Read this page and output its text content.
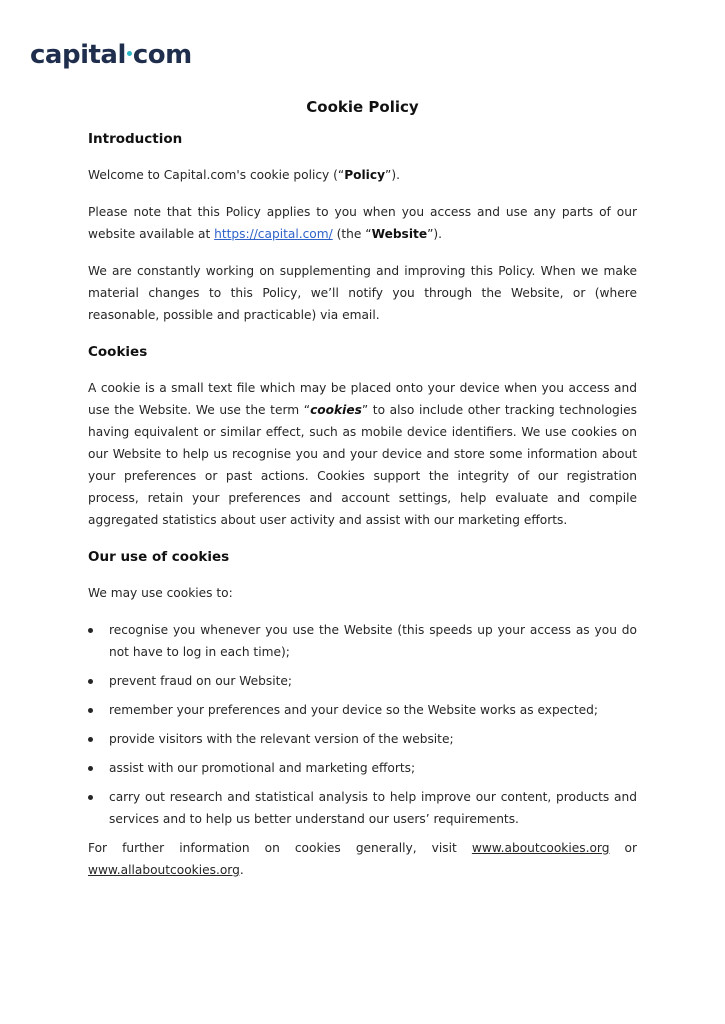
capital com
Cookie Policy
Introduction

Welcome to Capital.com's cookie policy (“Policy”).

Please note that this Policy applies to you when you access and use any parts of our website available at https://capital.com/ (the “Website”).

We are constantly working on supplementing and improving this Policy. When we make material changes to this Policy, we’ll notify you through the Website, or (where reasonable, possible and practicable) via email.

Cookies

A cookie is a small text file which may be placed onto your device when you access and use the Website. We use the term “cookies” to also include other tracking technologies having equivalent or similar effect, such as mobile device identifiers. We use cookies on our Website to help us recognise you and your device and store some information about your preferences or past actions. Cookies support the integrity of our registration process, retain your preferences and account settings, help evaluate and compile aggregated statistics about user activity and assist with our marketing efforts.

Our use of cookies

We may use cookies to:

recognise you whenever you use the Website (this speeds up your access as you do not have to log in each time);
prevent fraud on our Website;
remember your preferences and your device so the Website works as expected;
provide visitors with the relevant version of the website;
assist with our promotional and marketing efforts;
carry out research and statistical analysis to help improve our content, products and services and to help us better understand our users’ requirements.

For further information on cookies generally, visit www.aboutcookies.org or www.allaboutcookies.org.
